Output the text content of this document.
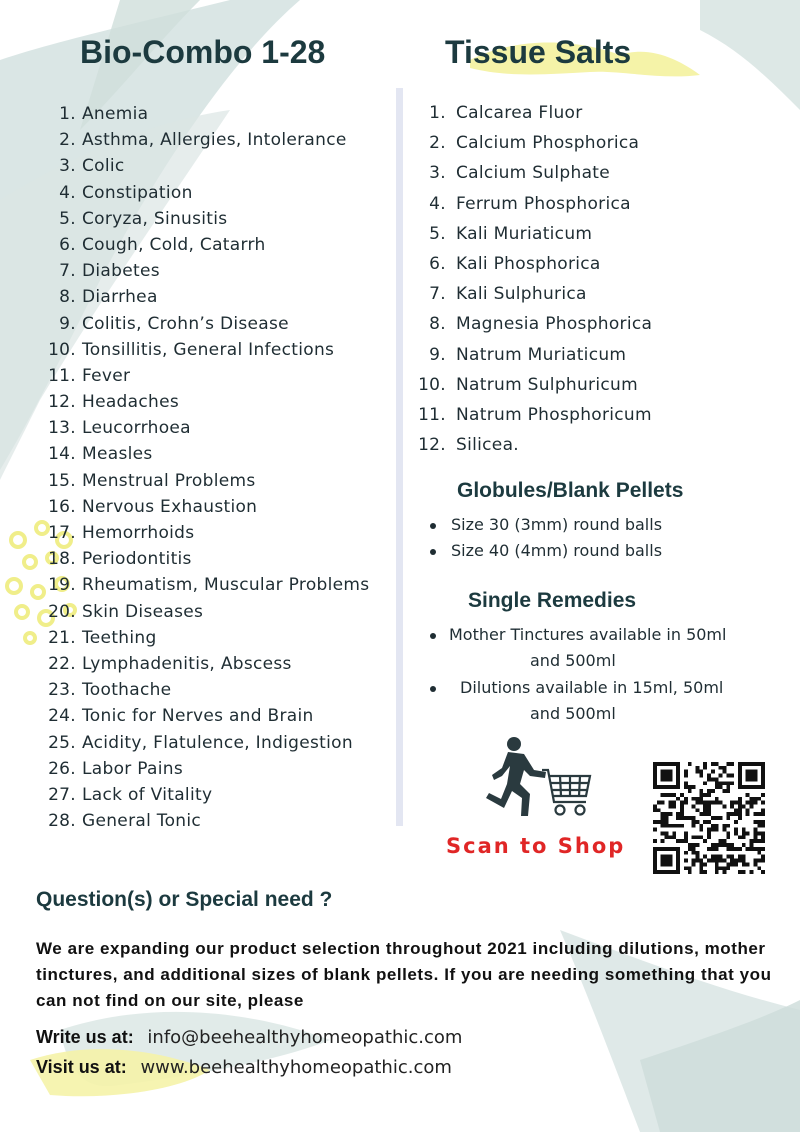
Bio-Combo 1-28
1. Anemia
2. Asthma, Allergies, Intolerance
3. Colic
4. Constipation
5. Coryza, Sinusitis
6. Cough, Cold, Catarrh
7. Diabetes
8. Diarrhea
9. Colitis, Crohn’s Disease
10. Tonsillitis, General Infections
11. Fever
12. Headaches
13. Leucorrhoea
14. Measles
15. Menstrual Problems
16. Nervous Exhaustion
17. Hemorrhoids
18. Periodontitis
19. Rheumatism, Muscular Problems
20. Skin Diseases
21. Teething
22. Lymphadenitis, Abscess
23. Toothache
24. Tonic for Nerves and Brain
25. Acidity, Flatulence, Indigestion
26. Labor Pains
27. Lack of Vitality
28. General Tonic
Tissue Salts
1. Calcarea Fluor
2. Calcium Phosphorica
3. Calcium Sulphate
4. Ferrum Phosphorica
5. Kali Muriaticum
6. Kali Phosphorica
7. Kali Sulphurica
8. Magnesia Phosphorica
9. Natrum Muriaticum
10. Natrum Sulphuricum
11. Natrum Phosphoricum
12. Silicea.
Globules/Blank Pellets
Size 30 (3mm) round balls
Size 40 (4mm) round balls
Single Remedies
Mother Tinctures available in 50ml
and 500ml
Dilutions available in 15ml, 50ml
and 500ml
Scan to Shop
Question(s) or Special need ?
We are expanding our product selection throughout 2021 including dilutions, mother tinctures, and additional sizes of blank pellets. If you are needing something that you can not find on our site, please
Write us at: info@beehealthyhomeopathic.com
Visit us at: www.beehealthyhomeopathic.com
